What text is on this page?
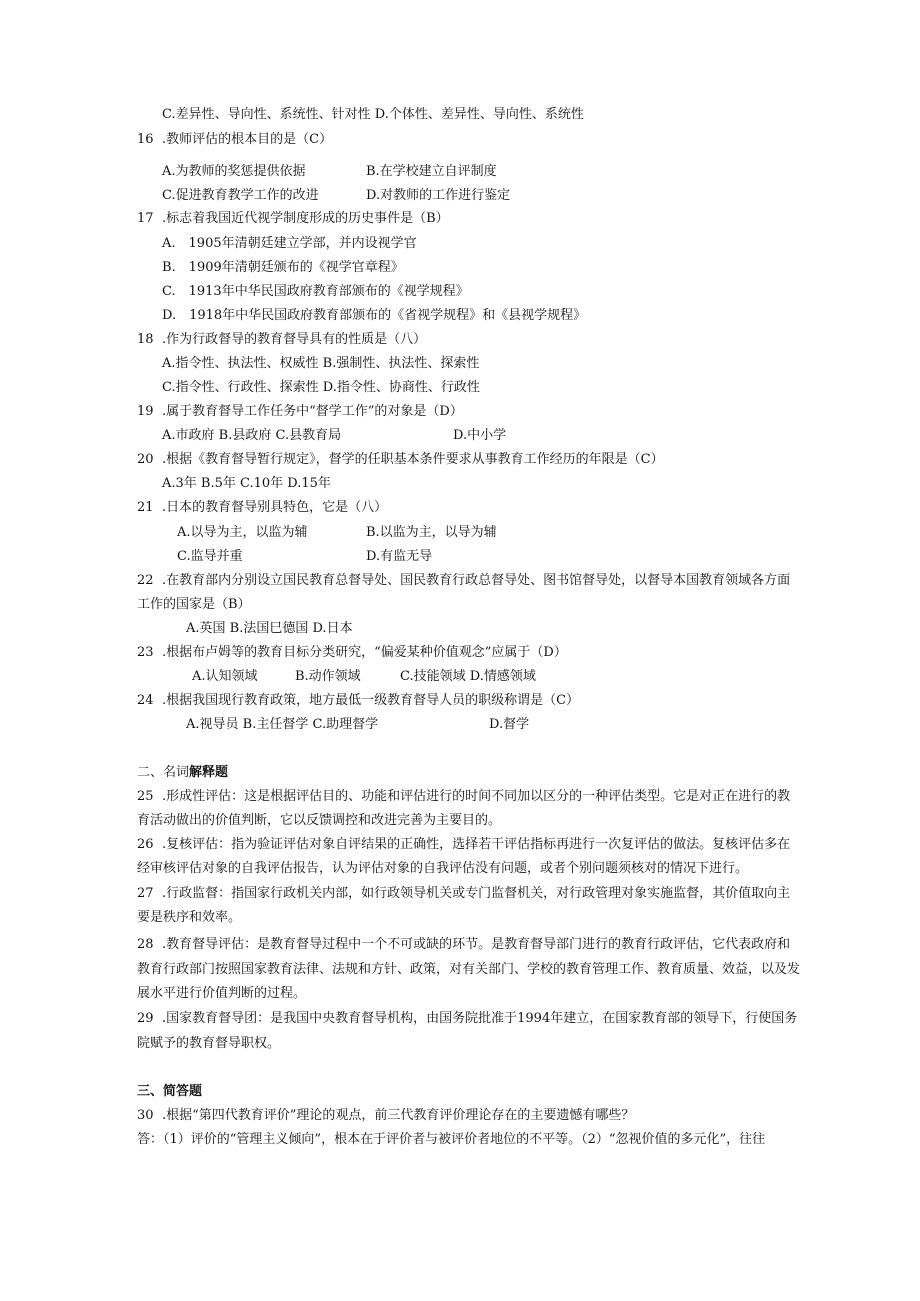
C.差异性、导向性、系统性、针对性 D.个体性、差异性、导向性、系统性
16 .教师评估的根本目的是（C）
A.为教师的奖惩提供依据	B.在学校建立自评制度
C.促进教育教学工作的改进	D.对教师的工作进行鉴定
17 .标志着我国近代视学制度形成的历史事件是（B）
A.　1905年清朝廷建立学部，并内设视学官
B.　1909年清朝廷颁布的《视学官章程》
C.　1913年中华民国政府教育部颁布的《视学规程》
D.　1918年中华民国政府教育部颁布的《省视学规程》和《县视学规程》
18 .作为行政督导的教育督导具有的性质是（八）
A.指令性、执法性、权威性 B.强制性、执法性、探索性
C.指令性、行政性、探索性 D.指令性、协商性、行政性
19 .属于教育督导工作任务中“督学工作”的对象是（D）
A.市政府 B.县政府 C.县教育局	D.中小学
20 .根据《教育督导暂行规定》，督学的任职基本条件要求从事教育工作经历的年限是（C）
A.3年 B.5年 C.10年 D.15年
21 .日本的教育督导别具特色，它是（八）
A.以导为主，以监为辅	B.以监为主，以导为辅
C.监导并重	D.有监无导
22 .在教育部内分别设立国民教育总督导处、国民教育行政总督导处、图书馆督导处，以督导本国教育领域各方面
工作的国家是（B）
A.英国 B.法国巳德国 D.日本
23 .根据布卢姆等的教育目标分类研究，“偏爱某种价值观念”应属于（D）
A.认知领域	B.动作领域	C.技能领域 D.情感领域
24 .根据我国现行教育政策，地方最低一级教育督导人员的职级称谓是（C）
A.视导员 B.主任督学 C.助理督学	D.督学
二、名词解释题
25 .形成性评估：这是根据评估目的、功能和评估进行的时间不同加以区分的一种评估类型。它是对正在进行的教
育活动做出的价值判断，它以反馈调控和改进完善为主要目的。
26 .复核评估：指为验证评估对象自评结果的正确性，选择若干评估指标再进行一次复评估的做法。复核评估多在
经审核评估对象的自我评估报告，认为评估对象的自我评估没有问题，或者个别问题须核对的情况下进行。
27 .行政监督：指国家行政机关内部，如行政领导机关或专门监督机关，对行政管理对象实施监督，其价值取向主
要是秩序和效率。
28 .教育督导评估：是教育督导过程中一个不可或缺的环节。是教育督导部门进行的教育行政评估，它代表政府和
教育行政部门按照国家教育法律、法规和方针、政策，对有关部门、学校的教育管理工作、教育质量、效益，以及发
展水平进行价值判断的过程。
29 .国家教育督导团：是我国中央教育督导机构，由国务院批准于1994年建立，在国家教育部的领导下，行使国务
院赋予的教育督导职权。
三、简答题
30 .根据“第四代教育评价”理论的观点，前三代教育评价理论存在的主要遗憾有哪些？
答：（1）评价的“管理主义倾向”，根本在于评价者与被评价者地位的不平等。（2）“忽视价值的多元化”，往往
